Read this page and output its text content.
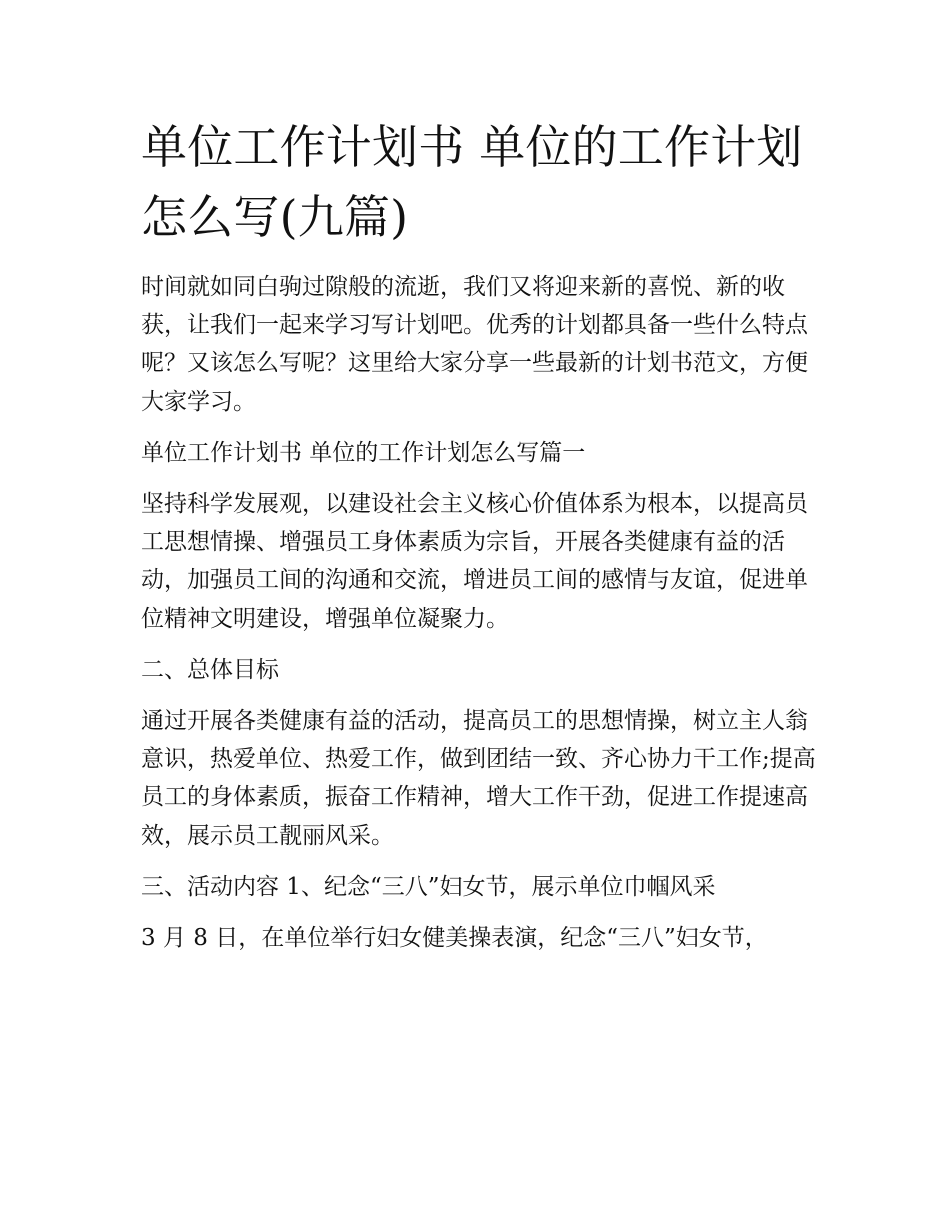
单位工作计划书 单位的工作计划怎么写(九篇)

时间就如同白驹过隙般的流逝，我们又将迎来新的喜悦、新的收获，让我们一起来学习写计划吧。优秀的计划都具备一些什么特点呢？又该怎么写呢？这里给大家分享一些最新的计划书范文，方便大家学习。

单位工作计划书 单位的工作计划怎么写篇一

坚持科学发展观，以建设社会主义核心价值体系为根本，以提高员工思想情操、增强员工身体素质为宗旨，开展各类健康有益的活动，加强员工间的沟通和交流，增进员工间的感情与友谊，促进单位精神文明建设，增强单位凝聚力。

二、总体目标

通过开展各类健康有益的活动，提高员工的思想情操，树立主人翁意识，热爱单位、热爱工作，做到团结一致、齐心协力干工作;提高员工的身体素质，振奋工作精神，增大工作干劲，促进工作提速高效，展示员工靓丽风采。

三、活动内容 1、纪念“三八”妇女节，展示单位巾帼风采

3 月 8 日，在单位举行妇女健美操表演，纪念“三八”妇女节，
